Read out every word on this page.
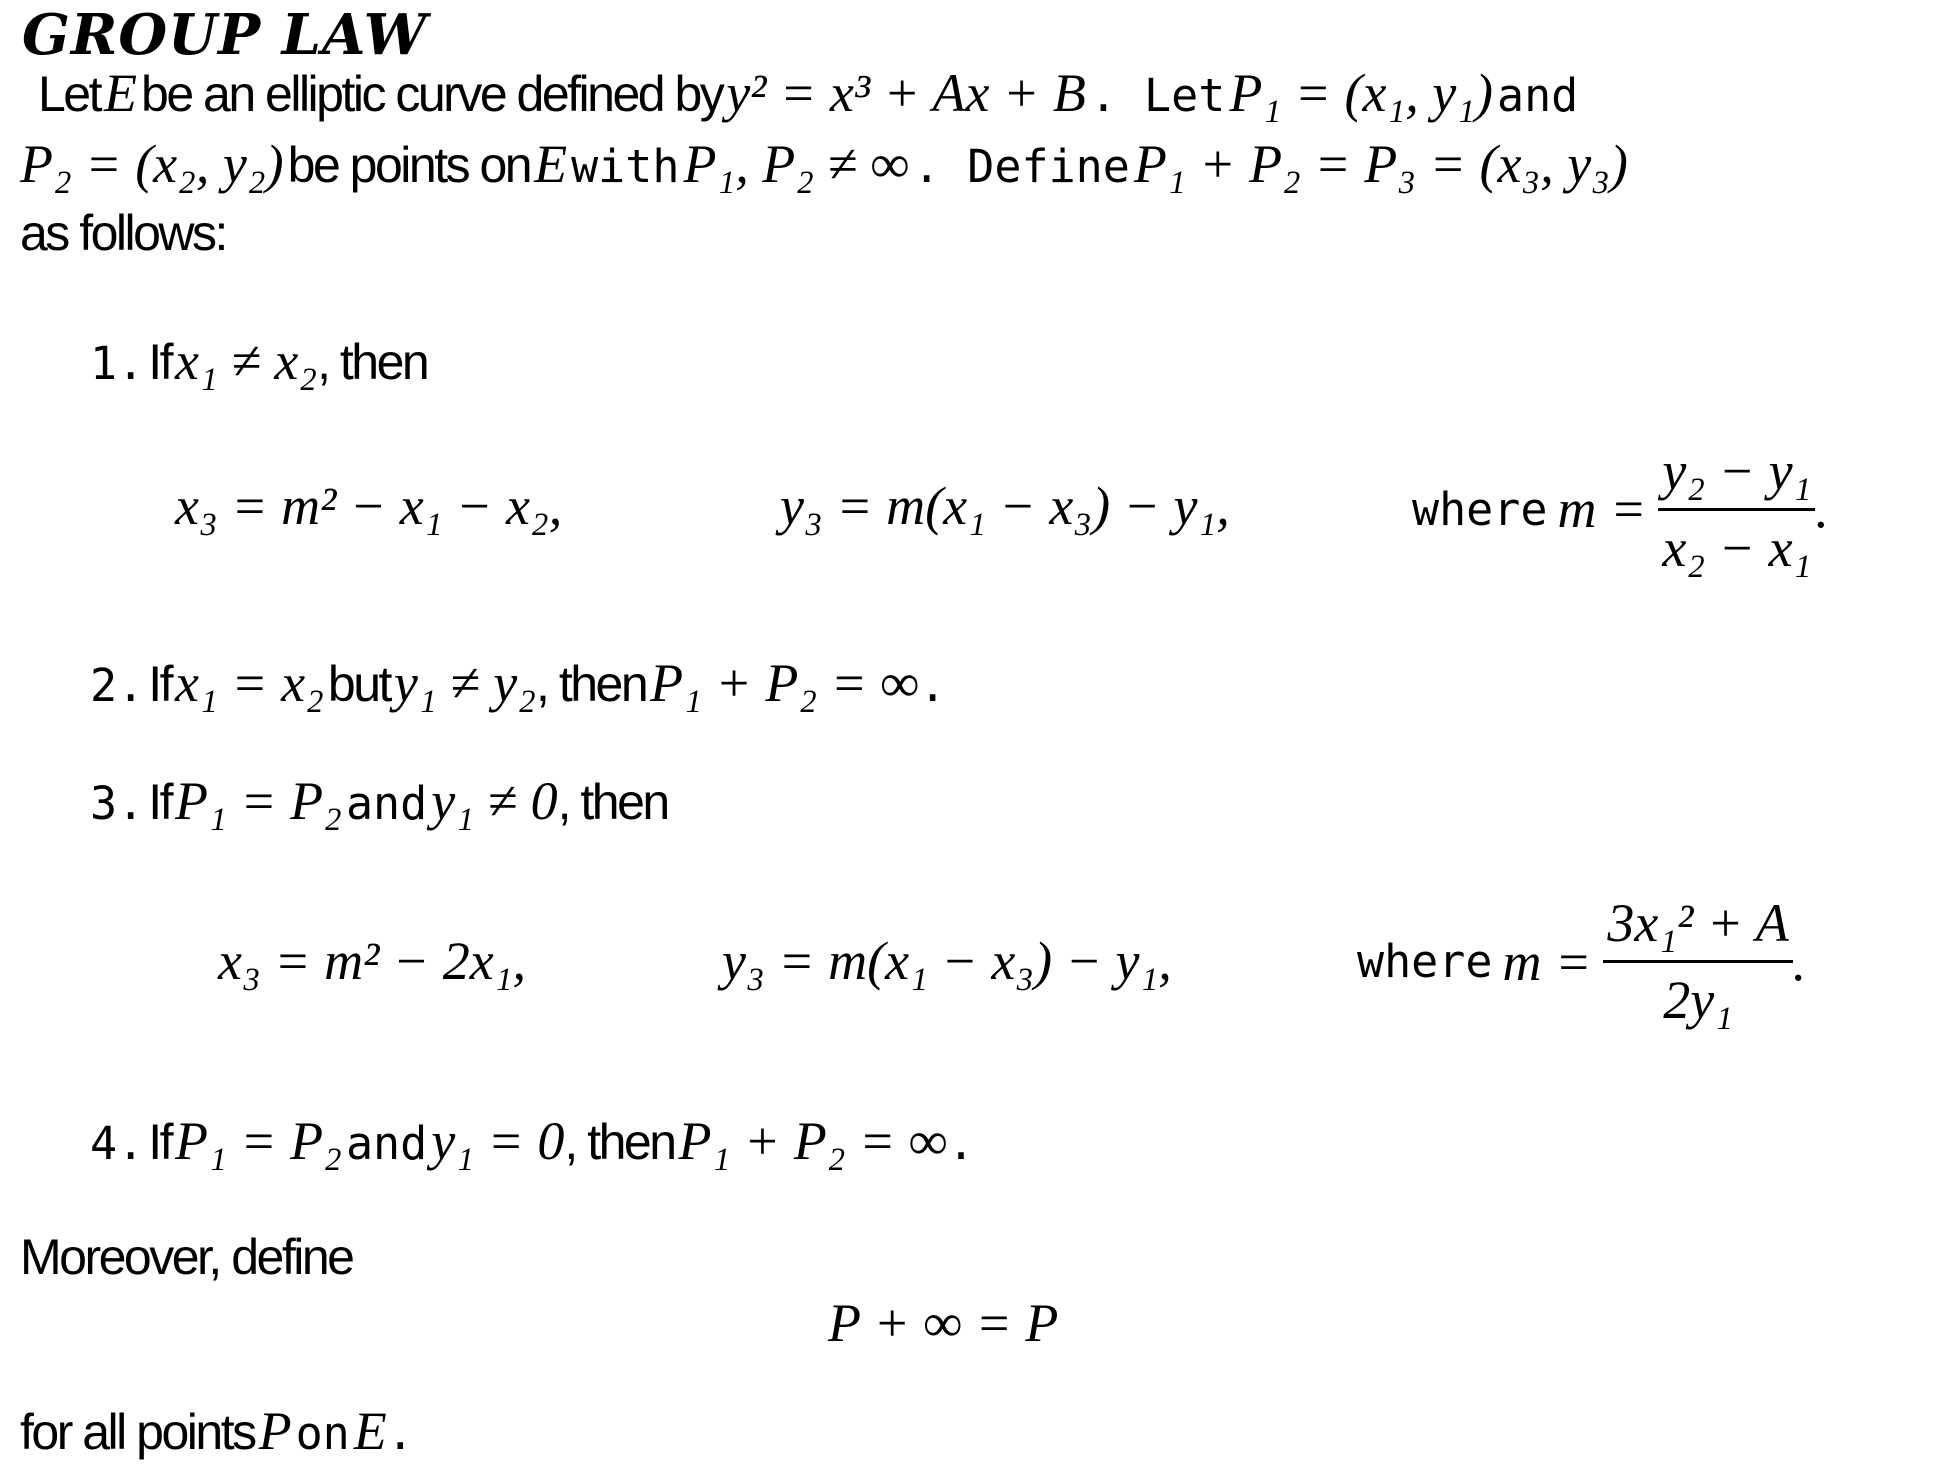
GROUP LAW
Let E be an elliptic curve defined by y² = x³ + Ax + B . Let P₁ = (x₁, y₁) and
P₂ = (x₂, y₂) be points on E with P₁, P₂ ≠ ∞ . Define P₁ + P₂ = P₃ = (x₃, y₃)
as follows:
1. If x₁ ≠ x₂, then
x₃ = m² − x₁ − x₂,	y₃ = m(x₁ − x₃) − y₁,	where $m = \frac{\text{y₂ − y₁}}{\text{x₂ − x₁}}$ .
2. If x₁ = x₂ but y₁ ≠ y₂, then P₁ + P₂ = ∞.
3. If P₁ = P₂ and y₁ ≠ 0, then
x₃ = m² − 2x₁,	y₃ = m(x₁ − x₃) − y₁,	where $m = \frac{\text{3x₁² + A}}{\text{2y₁}}$ .
4. If P₁ = P₂ and y₁ = 0, then P₁ + P₂ = ∞.
Moreover, define
P + ∞ = P
for all points P on E.
